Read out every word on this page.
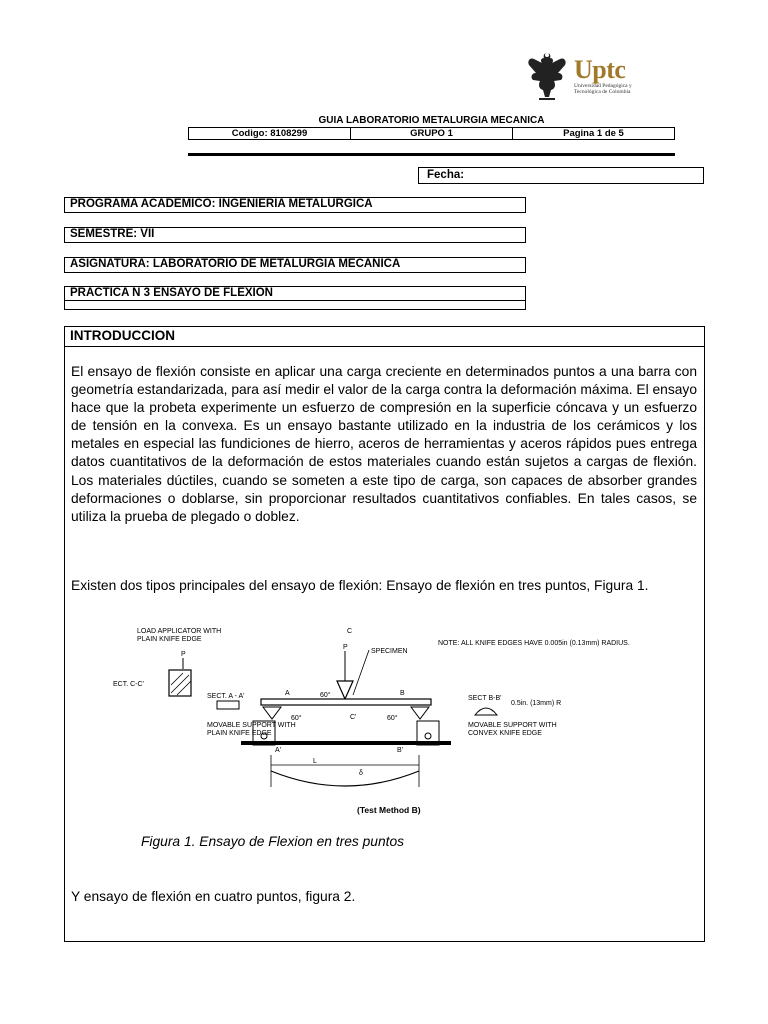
Uptc
Universidad Pedagógica y
Tecnológica de Colombia
GUIA LABORATORIO METALURGIA MECANICA
Codigo: 8108299	GRUPO 1	Pagina 1 de 5
Fecha:
PROGRAMA ACADEMICO: INGENIERIA METALURGICA
SEMESTRE: VII
ASIGNATURA: LABORATORIO DE METALURGIA MECANICA
PRACTICA N 3 ENSAYO DE FLEXION
INTRODUCCION
El ensayo de flexión consiste en aplicar una carga creciente en determinados puntos a una barra con geometría estandarizada, para así medir el valor de la carga contra la deformación máxima. El ensayo hace que la probeta experimente un esfuerzo de compresión en la superficie cóncava y un esfuerzo de tensión en la convexa. Es un ensayo bastante utilizado en la industria de los cerámicos y los metales en especial las fundiciones de hierro, aceros de herramientas y aceros rápidos pues entrega datos cuantitativos de la deformación de estos materiales cuando están sujetos a cargas de flexión. Los materiales dúctiles, cuando se someten a este tipo de carga, son capaces de absorber grandes deformaciones o doblarse, sin proporcionar resultados cuantitativos confiables. En tales casos, se utiliza la prueba de plegado o doblez.
Existen dos tipos principales del ensayo de flexión: Ensayo de flexión en tres puntos, Figura 1.
LOAD APPLICATOR WITH
PLAIN KNIFE EDGE
P
ECT. C-C'
C
P
SPECIMEN
NOTE: ALL KNIFE EDGES HAVE 0.005in (0.13mm) RADIUS.
SECT. A - A'	A	60°	B
60°	C'	60°
SECT B-B'
0.5in. (13mm) R
MOVABLE SUPPORT WITH
PLAIN KNIFE EDGE
MOVABLE SUPPORT WITH
CONVEX KNIFE EDGE
A'	B'
L
δ
(Test Method B)
Figura 1. Ensayo de Flexion en tres puntos
Y ensayo de flexión en cuatro puntos, figura 2.
